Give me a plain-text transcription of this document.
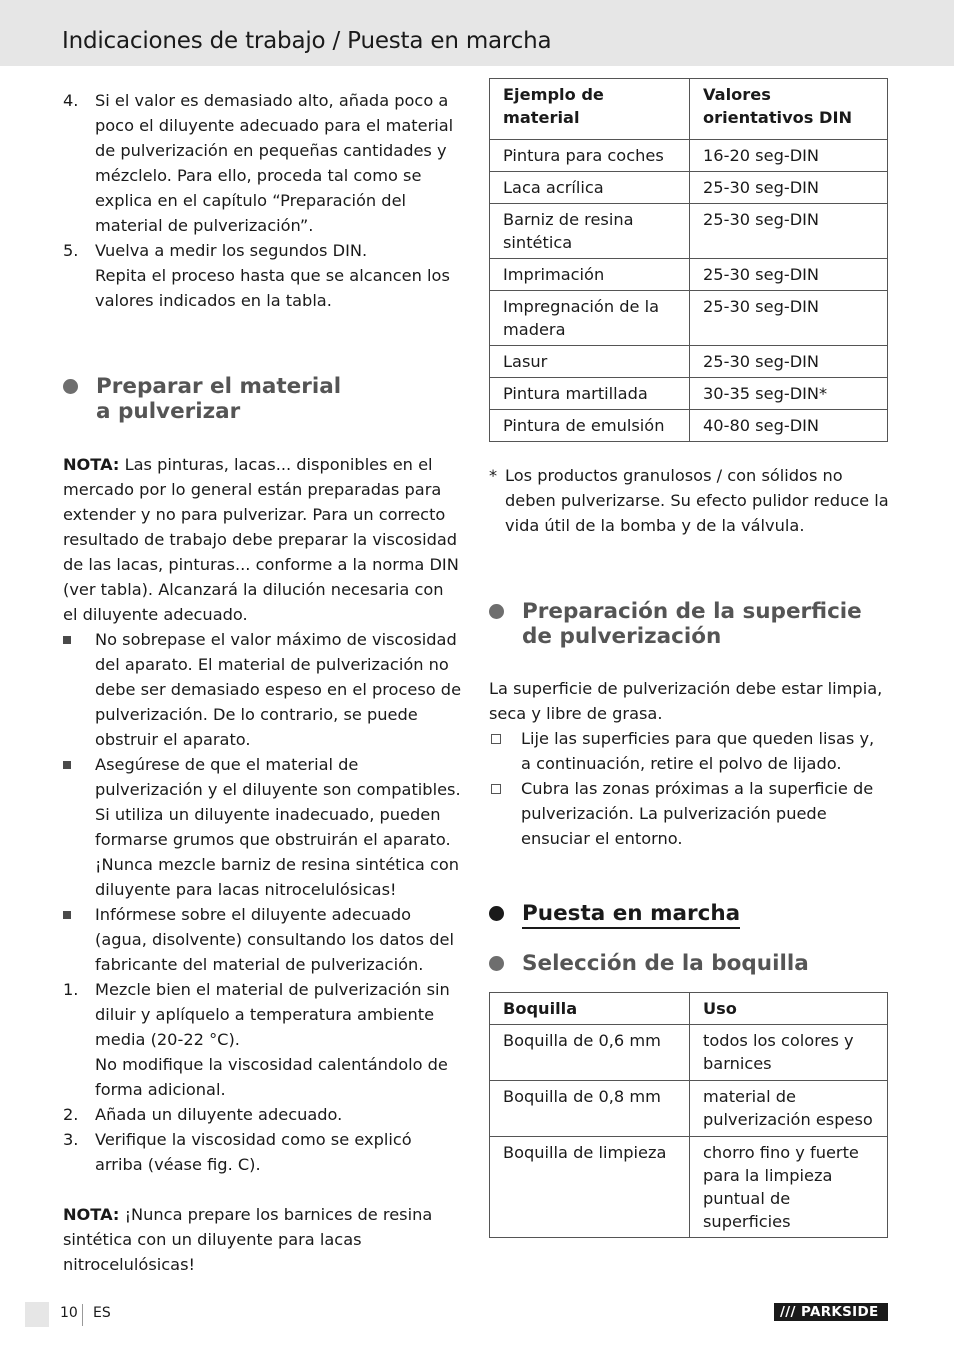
Indicaciones de trabajo / Puesta en marcha
4. Si el valor es demasiado alto, añada poco a poco el diluyente adecuado para el material de pulverización en pequeñas cantidades y mézclelo. Para ello, proceda tal como se explica en el capítulo “Preparación del material de pulverización”.

5. Vuelva a medir los segundos DIN.

Repita el proceso hasta que se alcancen los valores indicados en la tabla.

Preparar el material a pulverizar

NOTA: Las pinturas, lacas... disponibles en el mercado por lo general están preparadas para extender y no para pulverizar. Para un correcto resultado de trabajo debe preparar la viscosidad de las lacas, pinturas... conforme a la norma DIN (ver tabla). Alcanzará la dilución necesaria con el diluyente adecuado.

No sobrepase el valor máximo de viscosidad del aparato. El material de pulverización no debe ser demasiado espeso en el proceso de pulverización. De lo contrario, se puede obstruir el aparato.

Asegúrese de que el material de pulverización y el diluyente son compatibles. Si utiliza un diluyente inadecuado, pueden formarse grumos que obstruirán el aparato. ¡Nunca mezcle barniz de resina sintética con diluyente para lacas nitrocelulósicas!

Infórmese sobre el diluyente adecuado (agua, disolvente) consultando los datos del fabricante del material de pulverización.

1. Mezcle bien el material de pulverización sin diluir y aplíquelo a temperatura ambiente media (20-22 °C).

No modifique la viscosidad calentándolo de forma adicional.

2. Añada un diluyente adecuado.

3. Verifique la viscosidad como se explicó arriba (véase fig. C).

NOTA: ¡Nunca prepare los barnices de resina sintética con un diluyente para lacas nitrocelulósicas!

Ejemplo de material	Valores orientativos DIN
Pintura para coches	16-20 seg-DIN
Laca acrílica	25-30 seg-DIN
Barniz de resina sintética	25-30 seg-DIN
Imprimación	25-30 seg-DIN
Impregnación de la madera	25-30 seg-DIN
Lasur	25-30 seg-DIN
Pintura martillada	30-35 seg-DIN*
Pintura de emulsión	40-80 seg-DIN
* Los productos granulosos / con sólidos no deben pulverizarse. Su efecto pulidor reduce la vida útil de la bomba y de la válvula.

Preparación de la superficie de pulverización

La superficie de pulverización debe estar limpia, seca y libre de grasa.

Lije las superficies para que queden lisas y, a continuación, retire el polvo de lijado.

Cubra las zonas próximas a la superficie de pulverización. La pulverización puede ensuciar el entorno.

Puesta en marcha
Selección de la boquilla
Boquilla	Uso
Boquilla de 0,6 mm	todos los colores y barnices
Boquilla de 0,8 mm	material de pulverización espeso
Boquilla de limpieza	chorro fino y fuerte para la limpieza puntual de superficies
10 ES	/// PARKSIDE
